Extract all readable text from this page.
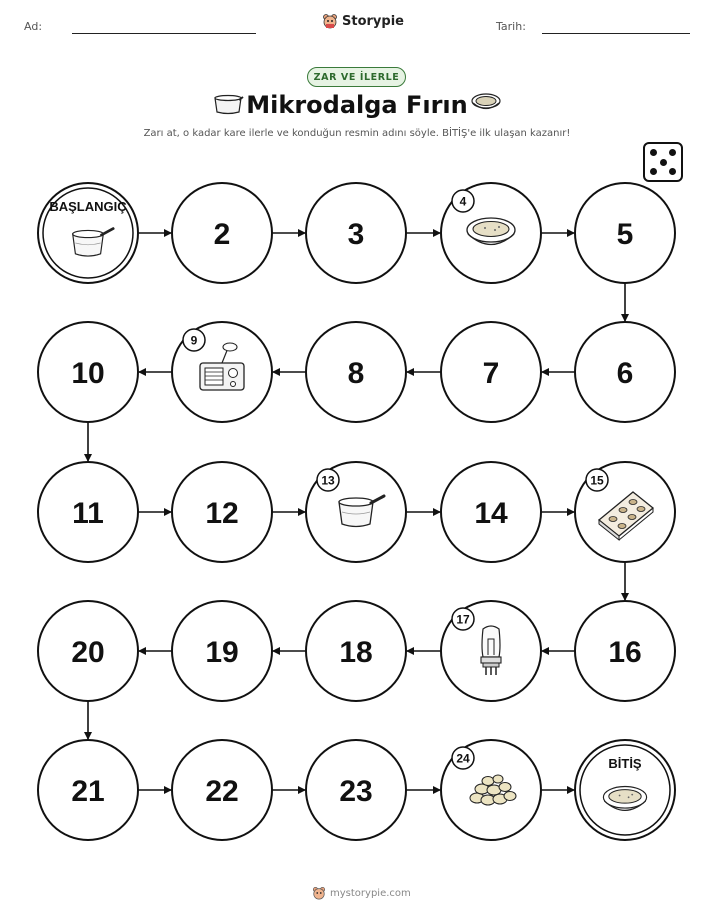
Ad:	Storypie	Tarih:
ZAR VE İLERLE
Mikrodalga Fırın
Zarı at, o kadar kare ilerle ve konduğun resmin adını söyle. BİTİŞ'e ilk ulaşan kazanır!
BAŞLANGIÇ
2	3
4
5
6
7
8
9
10
11	12
13
14
15
16
17
18
19
20
21	22	23
24	BİTİŞ
mystorypie.com
